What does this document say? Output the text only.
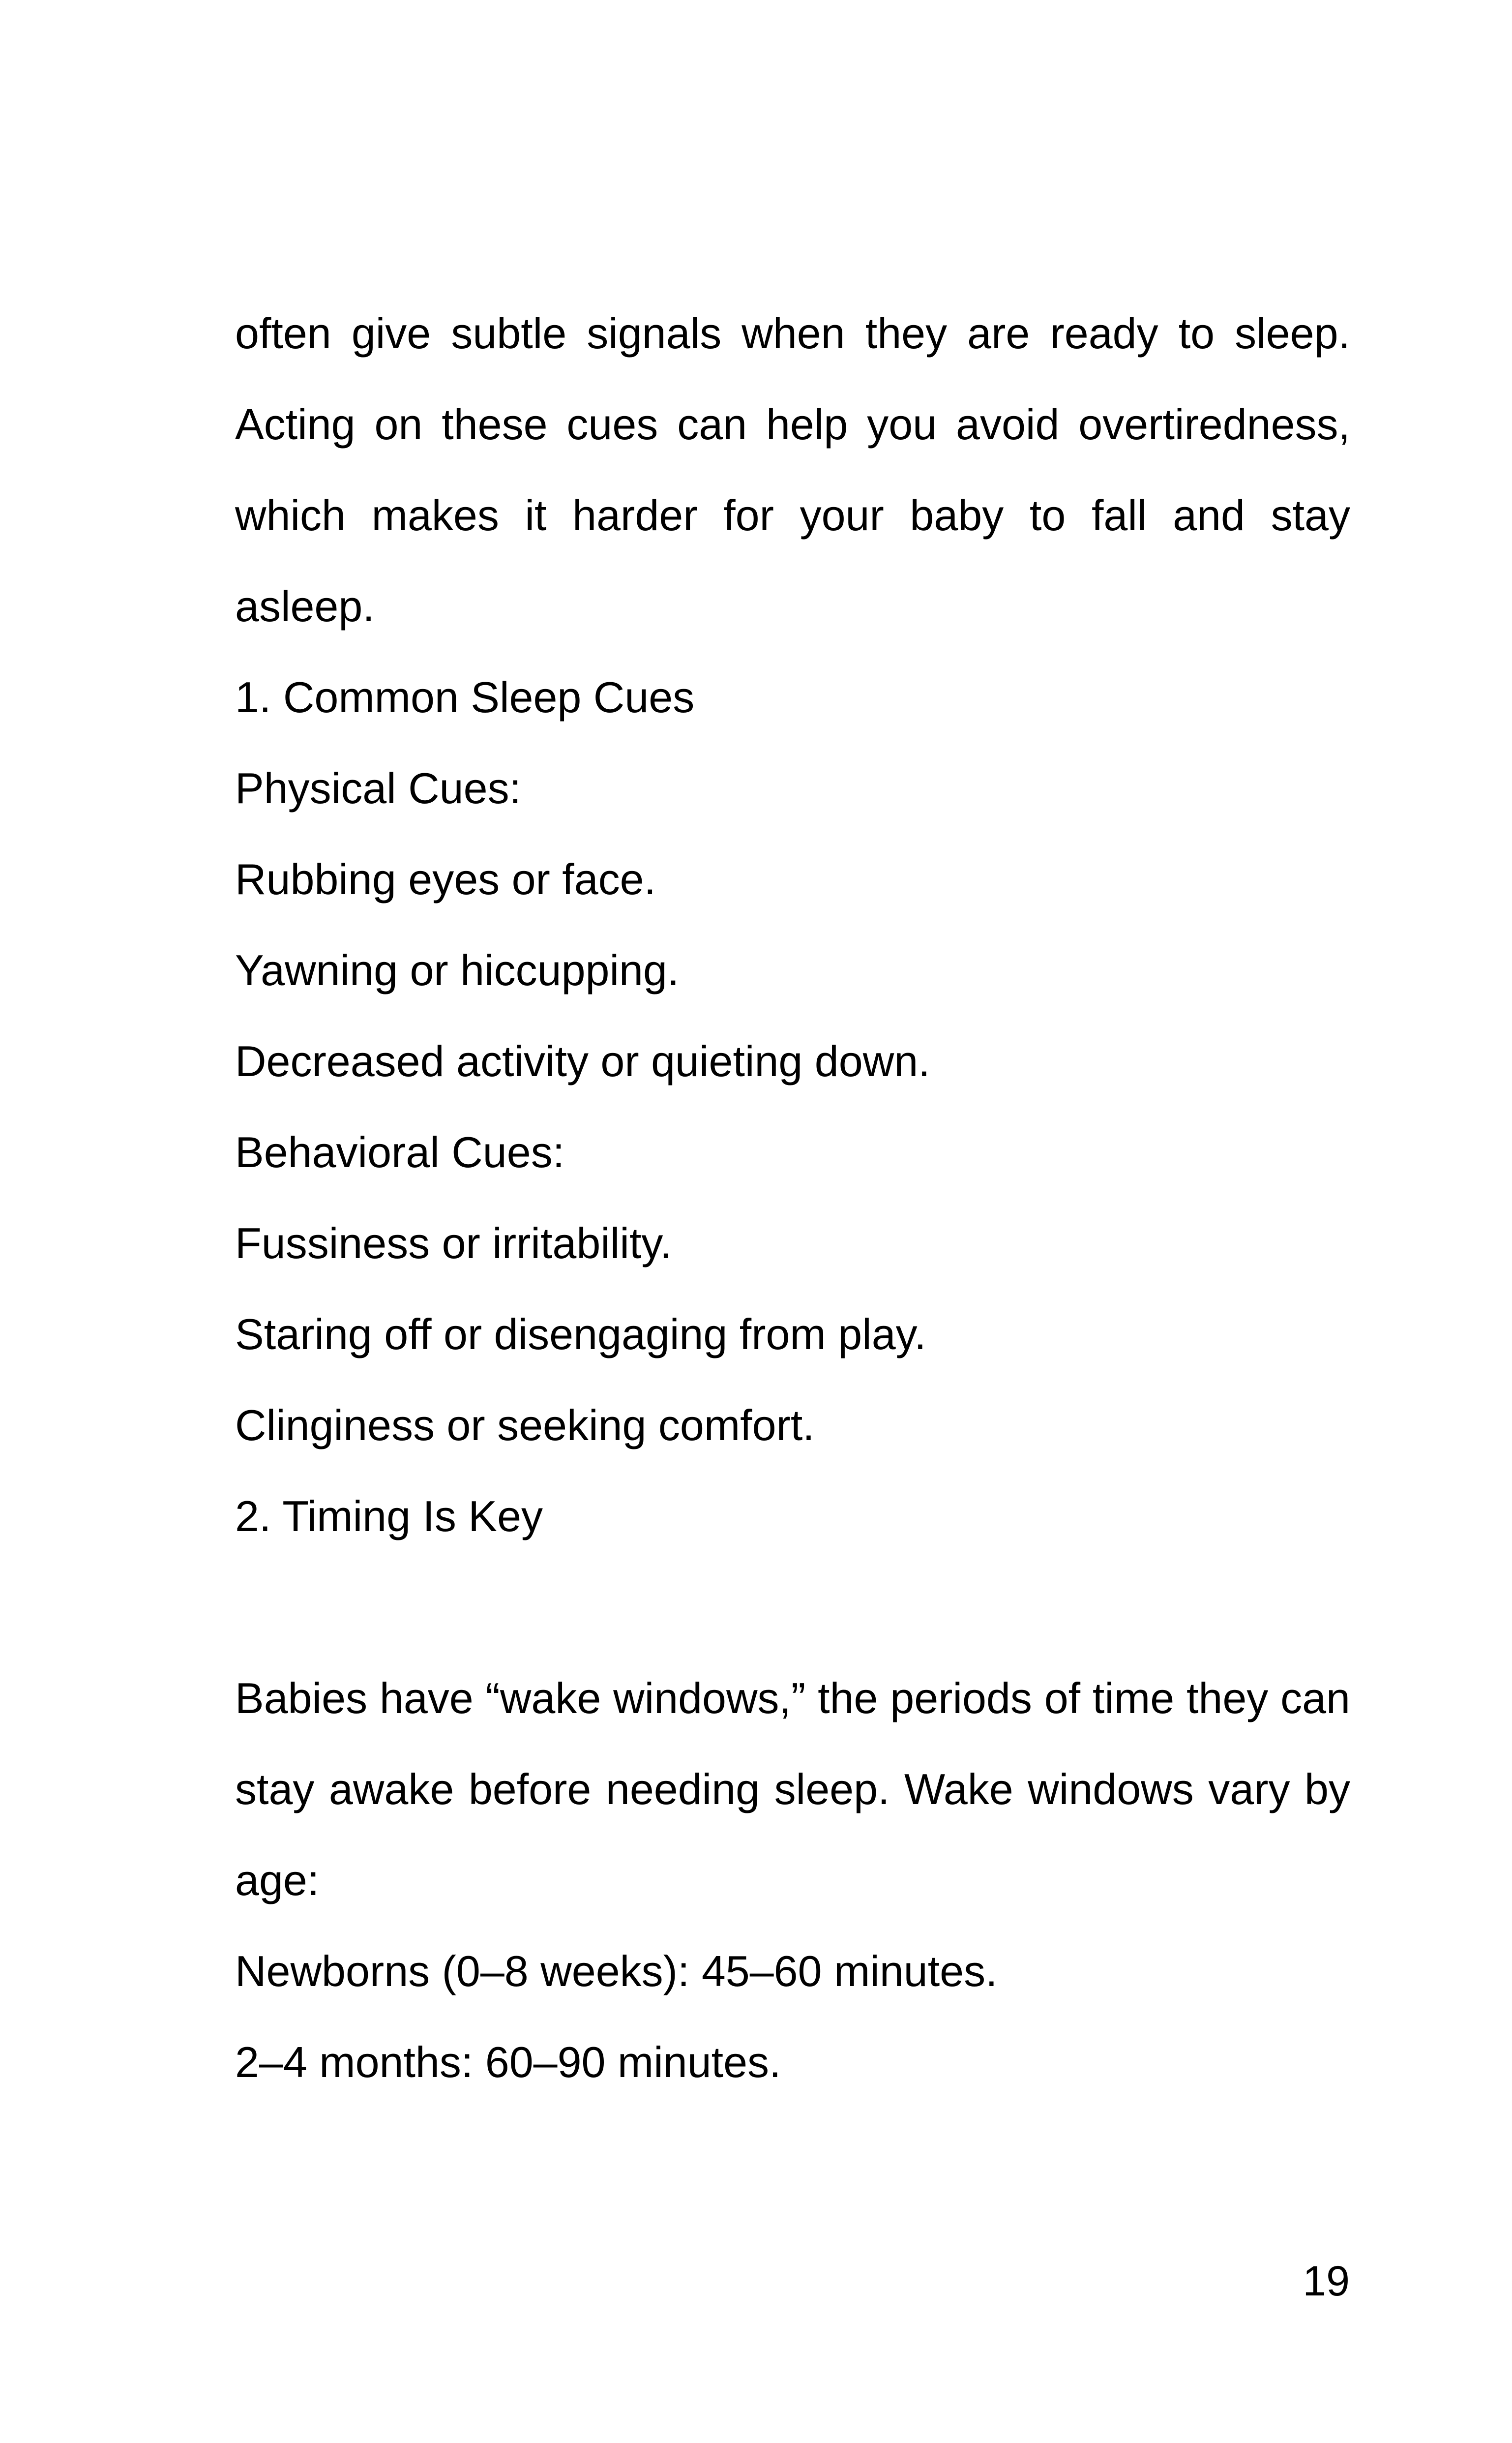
often give subtle signals when they are ready to sleep. Acting on these cues can help you avoid overtiredness, which makes it harder for your baby to fall and stay asleep.

1. Common Sleep Cues

Physical Cues:

Rubbing eyes or face.

Yawning or hiccupping.

Decreased activity or quieting down.

Behavioral Cues:

Fussiness or irritability.

Staring off or disengaging from play.

Clinginess or seeking comfort.

2. Timing Is Key

Babies have “wake windows,” the periods of time they can stay awake before needing sleep. Wake windows vary by age:

Newborns (0–8 weeks): 45–60 minutes.

2–4 months: 60–90 minutes.

19
